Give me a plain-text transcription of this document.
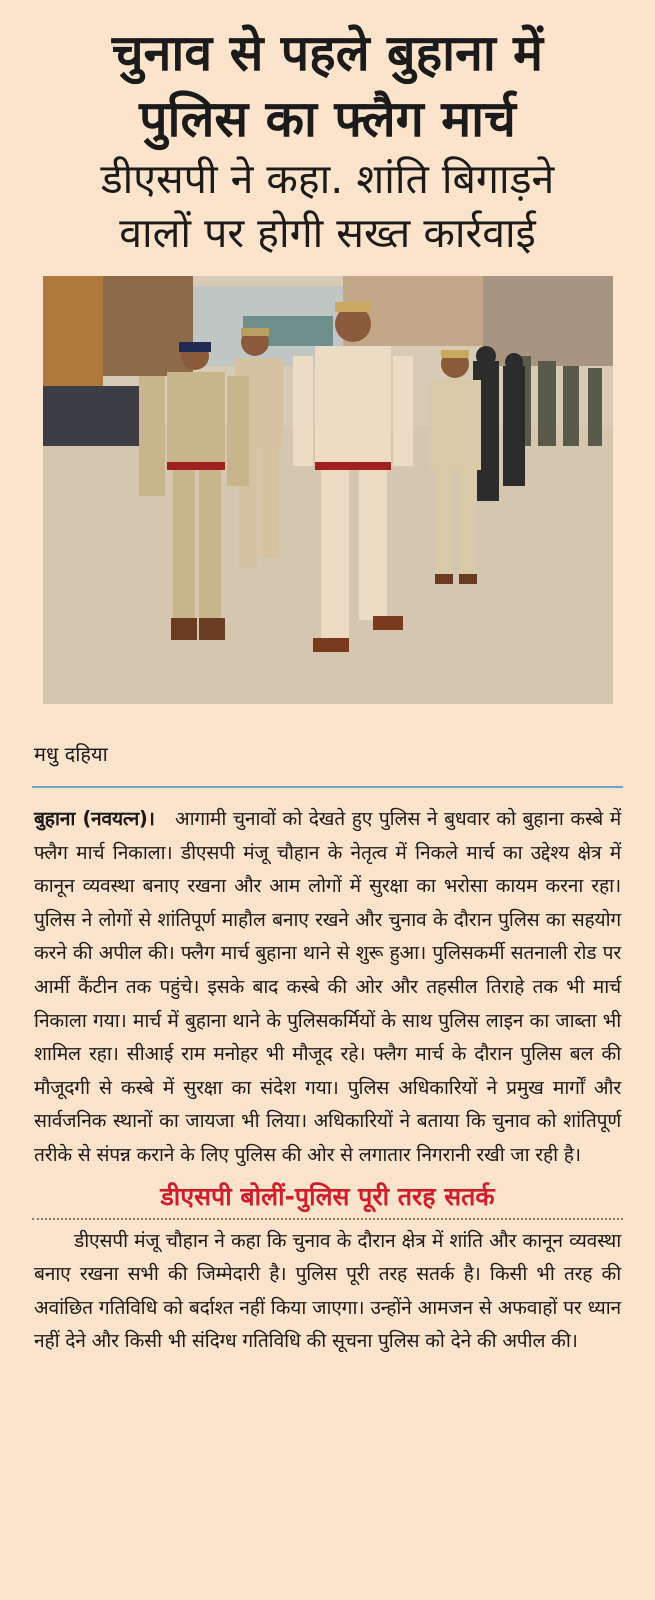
चुनाव से पहले बुहाना में
पुलिस का फ्लैग मार्च
डीएसपी ने कहा. शांति बिगाड़ने
वालों पर होगी सख्त कार्रवाई
मधु दहिया

बुहाना (नवयत्न)। आगामी चुनावों को देखते हुए पुलिस ने बुधवार को बुहाना कस्बे में फ्लैग मार्च निकाला। डीएसपी मंजू चौहान के नेतृत्व में निकले मार्च का उद्देश्य क्षेत्र में कानून व्यवस्था बनाए रखना और आम लोगों में सुरक्षा का भरोसा कायम करना रहा। पुलिस ने लोगों से शांतिपूर्ण माहौल बनाए रखने और चुनाव के दौरान पुलिस का सहयोग करने की अपील की। फ्लैग मार्च बुहाना थाने से शुरू हुआ। पुलिसकर्मी सतनाली रोड पर आर्मी कैंटीन तक पहुंचे। इसके बाद कस्बे की ओर और तहसील तिराहे तक भी मार्च निकाला गया। मार्च में बुहाना थाने के पुलिसकर्मियों के साथ पुलिस लाइन का जाब्ता भी शामिल रहा। सीआई राम मनोहर भी मौजूद रहे। फ्लैग मार्च के दौरान पुलिस बल की मौजूदगी से कस्बे में सुरक्षा का संदेश गया। पुलिस अधिकारियों ने प्रमुख मार्गों और सार्वजनिक स्थानों का जायजा भी लिया। अधिकारियों ने बताया कि चुनाव को शांतिपूर्ण तरीके से संपन्न कराने के लिए पुलिस की ओर से लगातार निगरानी रखी जा रही है।

डीएसपी बोलीं-पुलिस पूरी तरह सतर्क

डीएसपी मंजू चौहान ने कहा कि चुनाव के दौरान क्षेत्र में शांति और कानून व्यवस्था बनाए रखना सभी की जिम्मेदारी है। पुलिस पूरी तरह सतर्क है। किसी भी तरह की अवांछित गतिविधि को बर्दाश्त नहीं किया जाएगा। उन्होंने आमजन से अफवाहों पर ध्यान नहीं देने और किसी भी संदिग्ध गतिविधि की सूचना पुलिस को देने की अपील की।
